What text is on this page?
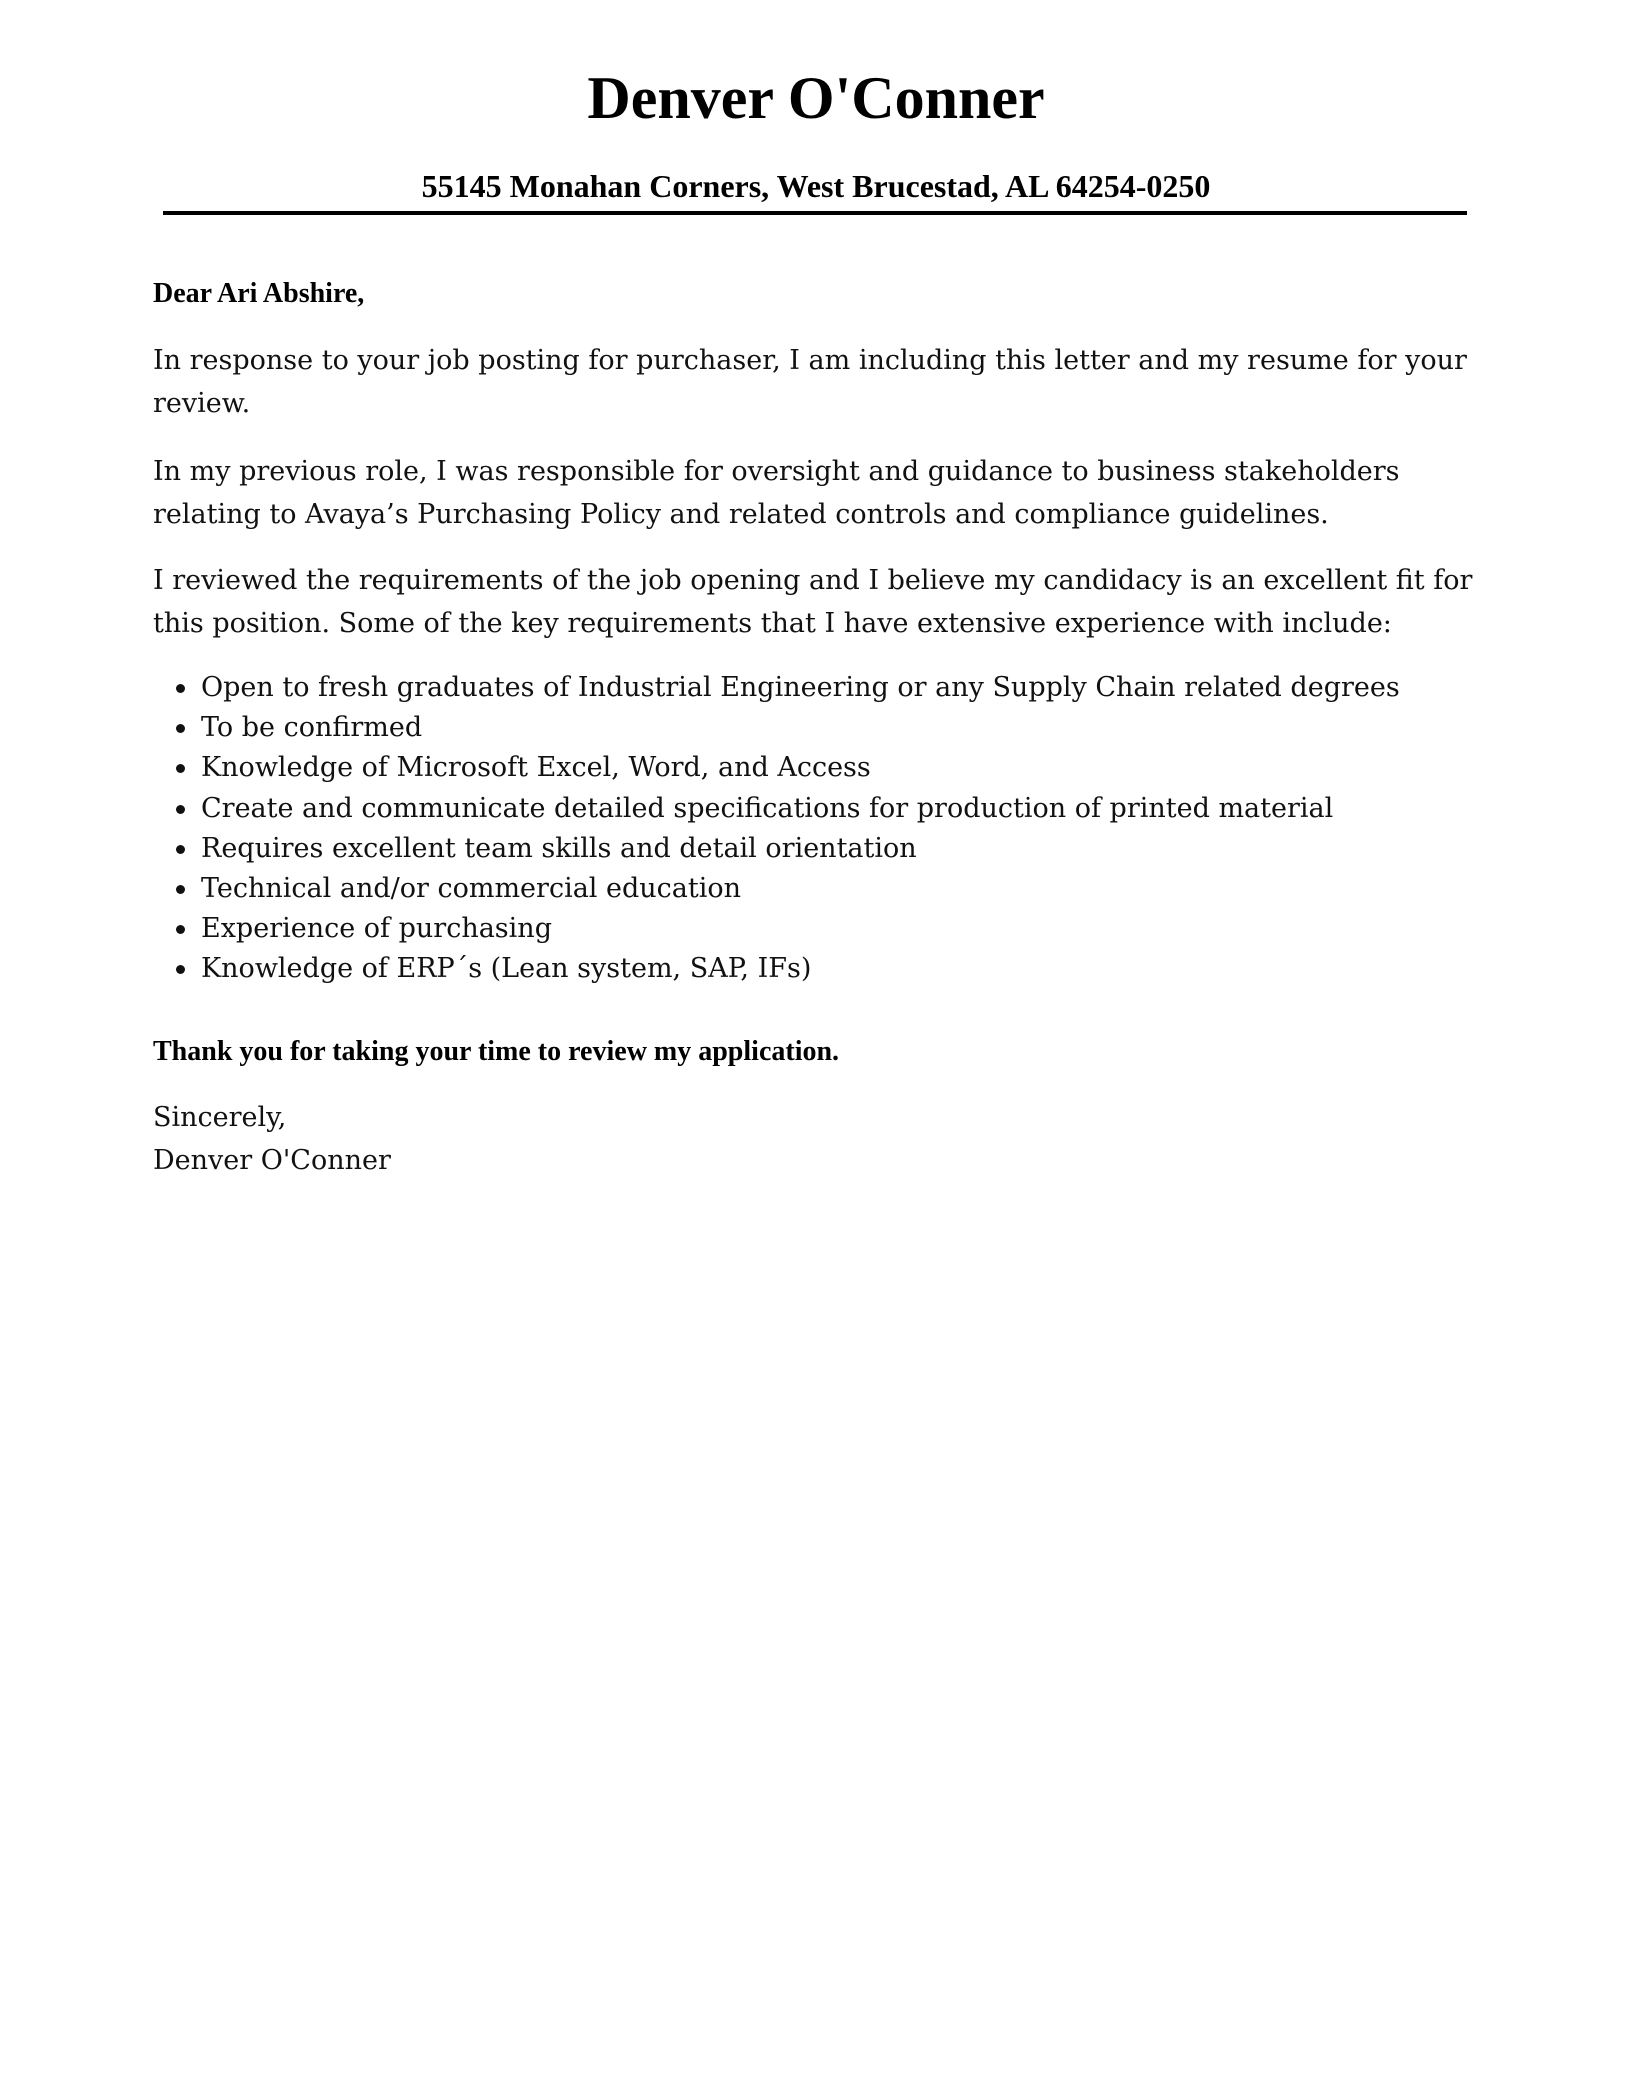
Denver O'Conner
55145 Monahan Corners, West Brucestad, AL 64254-0250
Dear Ari Abshire,
In response to your job posting for purchaser, I am including this letter and my resume for your review.
In my previous role, I was responsible for oversight and guidance to business stakeholders relating to Avaya’s Purchasing Policy and related controls and compliance guidelines.
I reviewed the requirements of the job opening and I believe my candidacy is an excellent fit for this position. Some of the key requirements that I have extensive experience with include:
Open to fresh graduates of Industrial Engineering or any Supply Chain related degrees
To be confirmed
Knowledge of Microsoft Excel, Word, and Access
Create and communicate detailed specifications for production of printed material
Requires excellent team skills and detail orientation
Technical and/or commercial education
Experience of purchasing
Knowledge of ERP´s (Lean system, SAP, IFs)
Thank you for taking your time to review my application.
Sincerely,
Denver O'Conner
